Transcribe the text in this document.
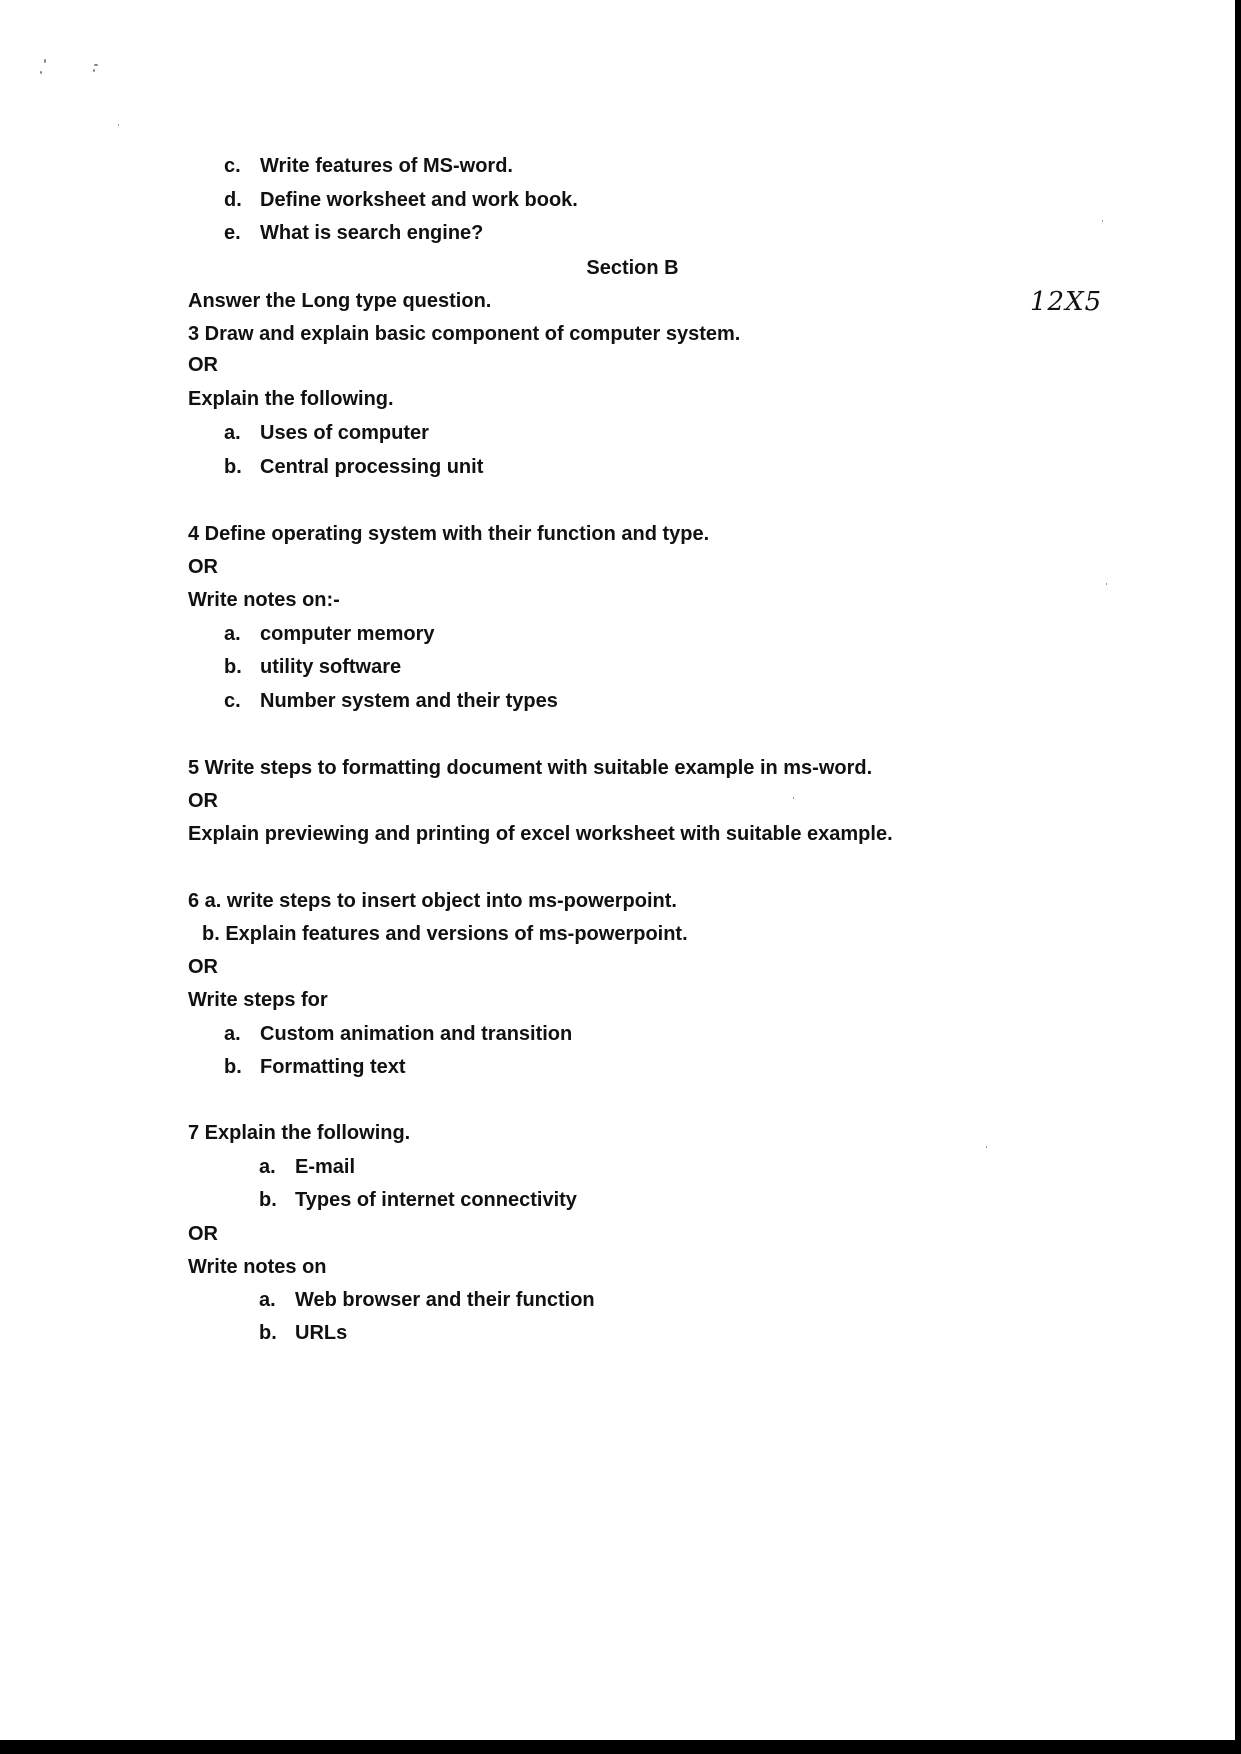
c. Write features of MS-word.
d. Define worksheet and work book.
e. What is search engine?
Section B
Answer the Long type question.	12X5
3 Draw and explain basic component of computer system.
OR
Explain the following.
a. Uses of computer
b. Central processing unit
4 Define operating system with their function and type.
OR
Write notes on:-
a. computer memory
b. utility software
c. Number system and their types
5 Write steps to formatting document with suitable example in ms-word.
OR
Explain previewing and printing of excel worksheet with suitable example.
6 a. write steps to insert object into ms-powerpoint.
b. Explain features and versions of ms-powerpoint.
OR
Write steps for
a. Custom animation and transition
b. Formatting text
7 Explain the following.
a. E-mail
b. Types of internet connectivity
OR
Write notes on
a. Web browser and their function
b. URLs
